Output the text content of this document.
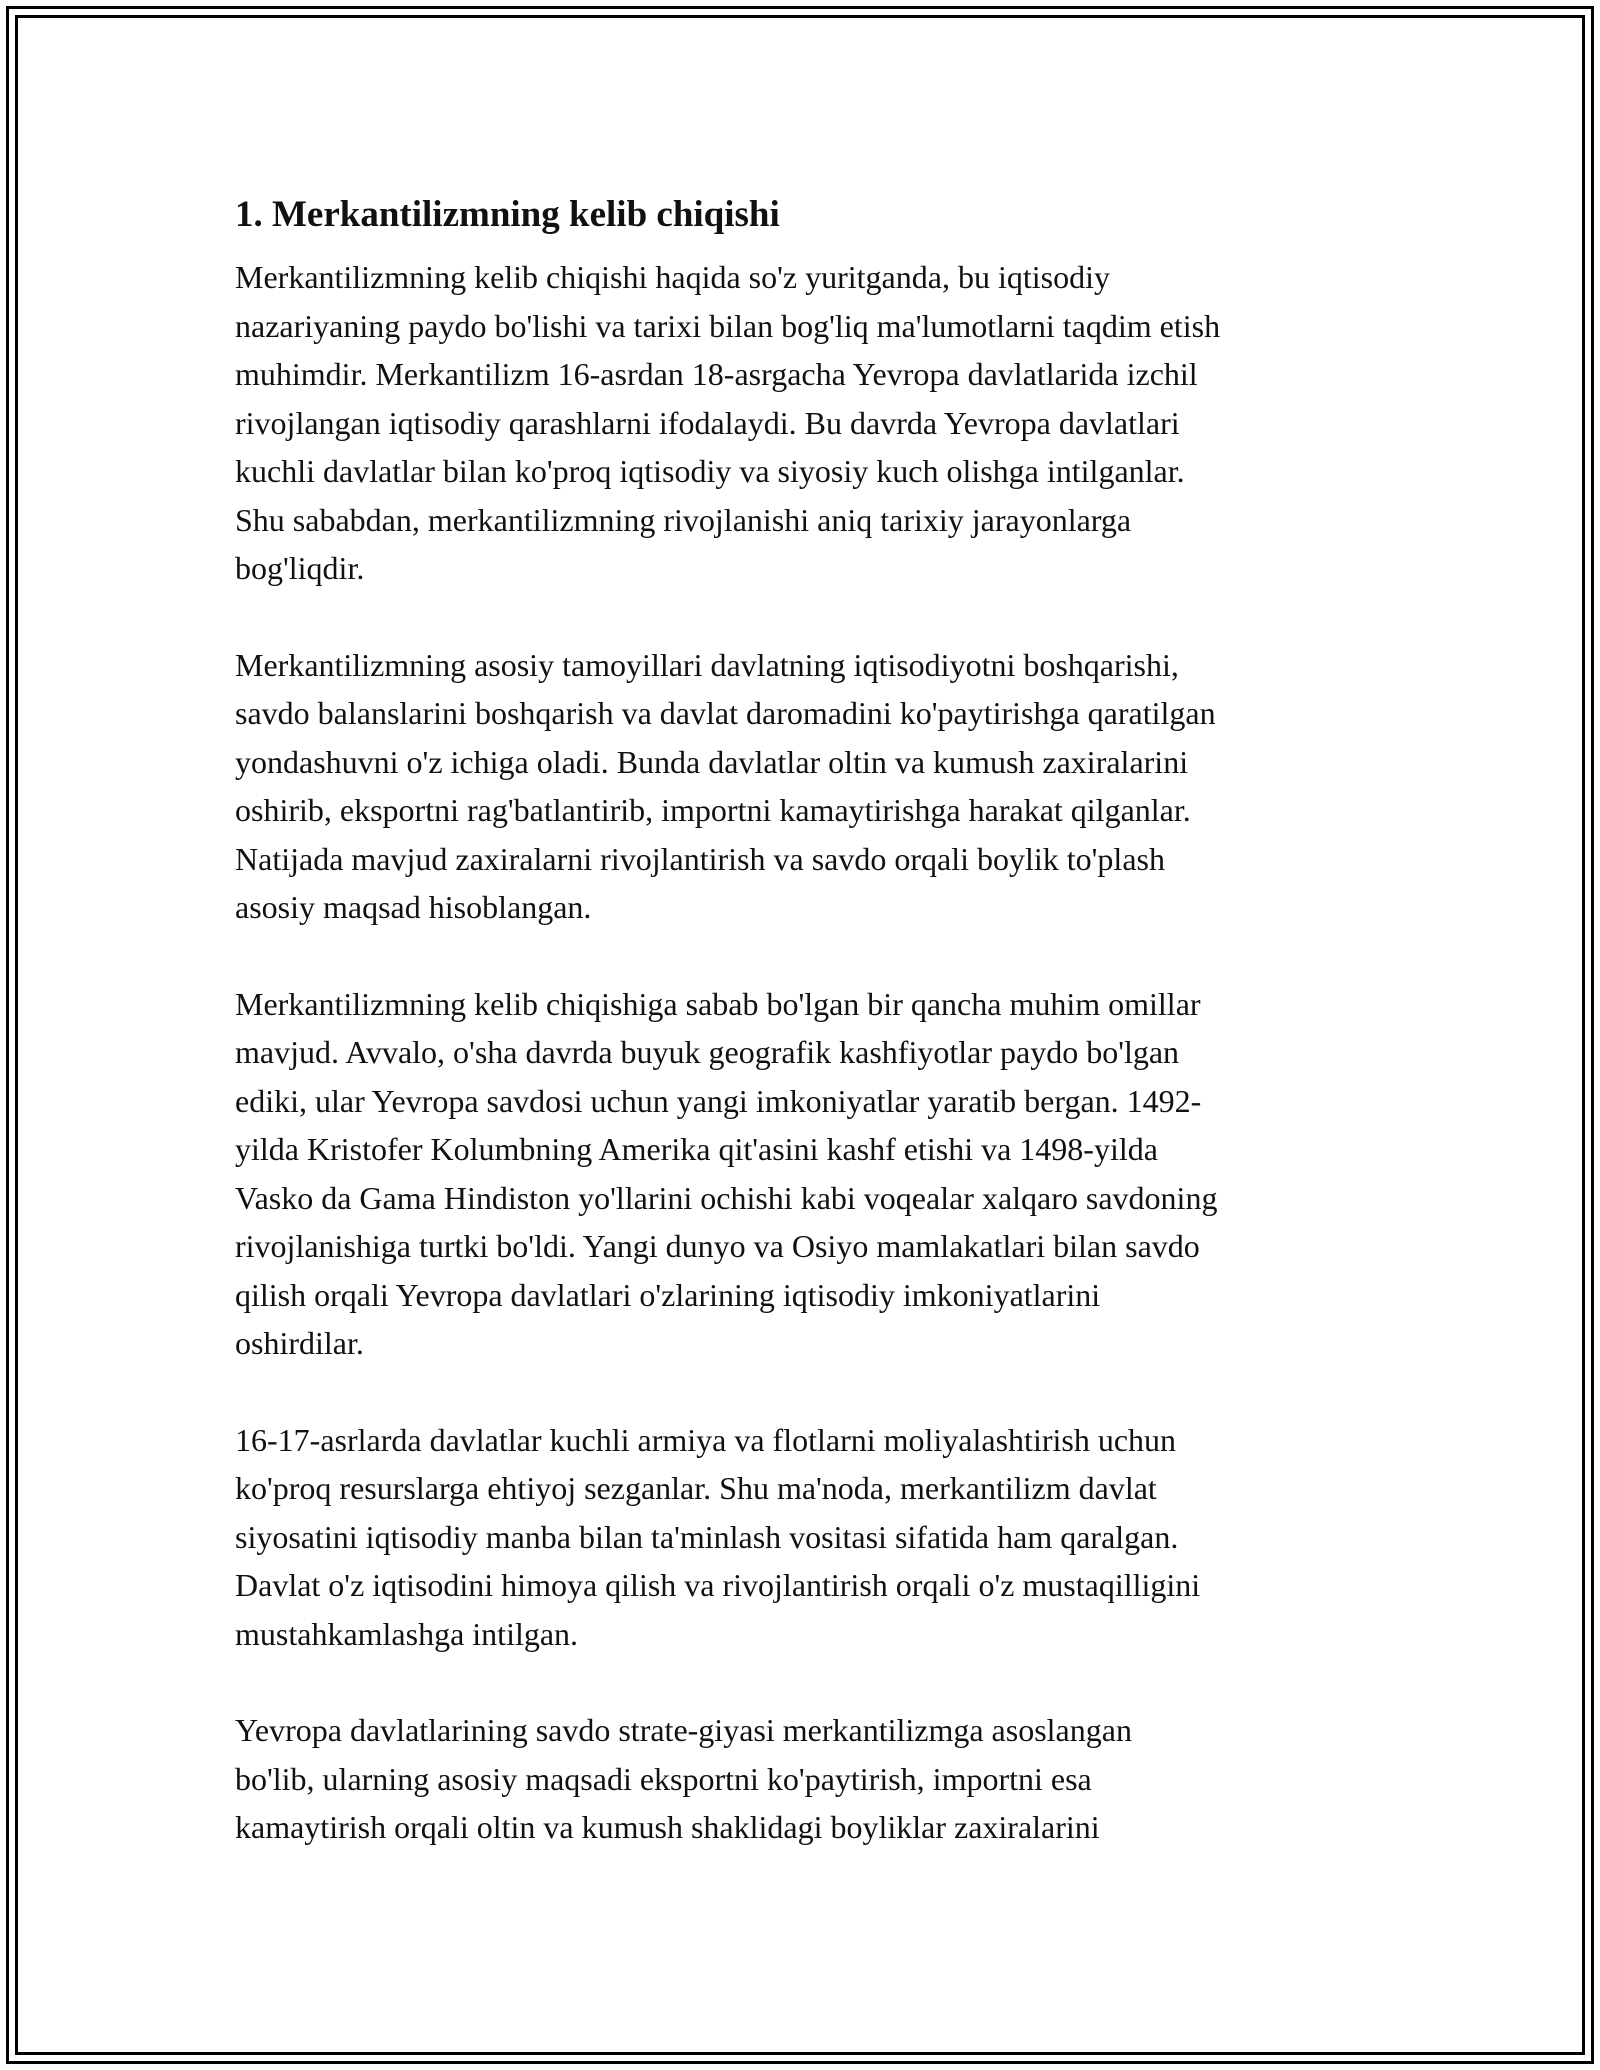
1. Merkantilizmning kelib chiqishi

Merkantilizmning kelib chiqishi haqida so'z yuritganda, bu iqtisodiy
nazariyaning paydo bo'lishi va tarixi bilan bog'liq ma'lumotlarni taqdim etish
muhimdir. Merkantilizm 16-asrdan 18-asrgacha Yevropa davlatlarida izchil
rivojlangan iqtisodiy qarashlarni ifodalaydi. Bu davrda Yevropa davlatlari
kuchli davlatlar bilan ko'proq iqtisodiy va siyosiy kuch olishga intilganlar.
Shu sababdan, merkantilizmning rivojlanishi aniq tarixiy jarayonlarga
bog'liqdir.

Merkantilizmning asosiy tamoyillari davlatning iqtisodiyotni boshqarishi,
savdo balanslarini boshqarish va davlat daromadini ko'paytirishga qaratilgan
yondashuvni o'z ichiga oladi. Bunda davlatlar oltin va kumush zaxiralarini
oshirib, eksportni rag'batlantirib, importni kamaytirishga harakat qilganlar.
Natijada mavjud zaxiralarni rivojlantirish va savdo orqali boylik to'plash
asosiy maqsad hisoblangan.

Merkantilizmning kelib chiqishiga sabab bo'lgan bir qancha muhim omillar
mavjud. Avvalo, o'sha davrda buyuk geografik kashfiyotlar paydo bo'lgan
ediki, ular Yevropa savdosi uchun yangi imkoniyatlar yaratib bergan. 1492-
yilda Kristofer Kolumbning Amerika qit'asini kashf etishi va 1498-yilda
Vasko da Gama Hindiston yo'llarini ochishi kabi voqealar xalqaro savdoning
rivojlanishiga turtki bo'ldi. Yangi dunyo va Osiyo mamlakatlari bilan savdo
qilish orqali Yevropa davlatlari o'zlarining iqtisodiy imkoniyatlarini
oshirdilar.

16-17-asrlarda davlatlar kuchli armiya va flotlarni moliyalashtirish uchun
ko'proq resurslarga ehtiyoj sezganlar. Shu ma'noda, merkantilizm davlat
siyosatini iqtisodiy manba bilan ta'minlash vositasi sifatida ham qaralgan.
Davlat o'z iqtisodini himoya qilish va rivojlantirish orqali o'z mustaqilligini
mustahkamlashga intilgan.

Yevropa davlatlarining savdo strate-giyasi merkantilizmga asoslangan
bo'lib, ularning asosiy maqsadi eksportni ko'paytirish, importni esa
kamaytirish orqali oltin va kumush shaklidagi boyliklar zaxiralarini
